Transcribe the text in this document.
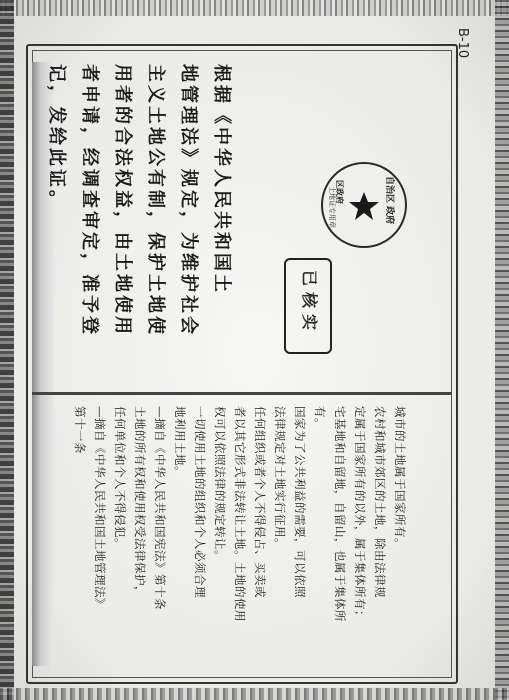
B-10
根据《中华人民共和国土
地管理法》规定，为维护社会
主义土地公有制，保护土地使
用者的合法权益，由土地使用
者申请，经调查审定，准予登
记，发给此证。	自治区 政府
区政府
土地证专用章
已核实
城市的土地属于国家所有。
农村和城市郊区的土地，除由法律规
定属于国家所有的以外，属于集体所有；
宅基地和自留地，自留山，也属于集体所
有。
国家为了公共利益的需要，可以依照
法律规定对土地实行征用。
任何组织或者个人不得侵占、买卖或
者以其它形式非法转让土地。土地的使用
权可以依照法律的规定转让。
一切使用土地的组织和个人必须合理
地利用土地。
—摘自《中华人民共和国宪法》第十条
土地的所有权和使用权受法律保护，
任何单位和个人不得侵犯。
—摘自《中华人民共和国土地管理法》
第十一条
